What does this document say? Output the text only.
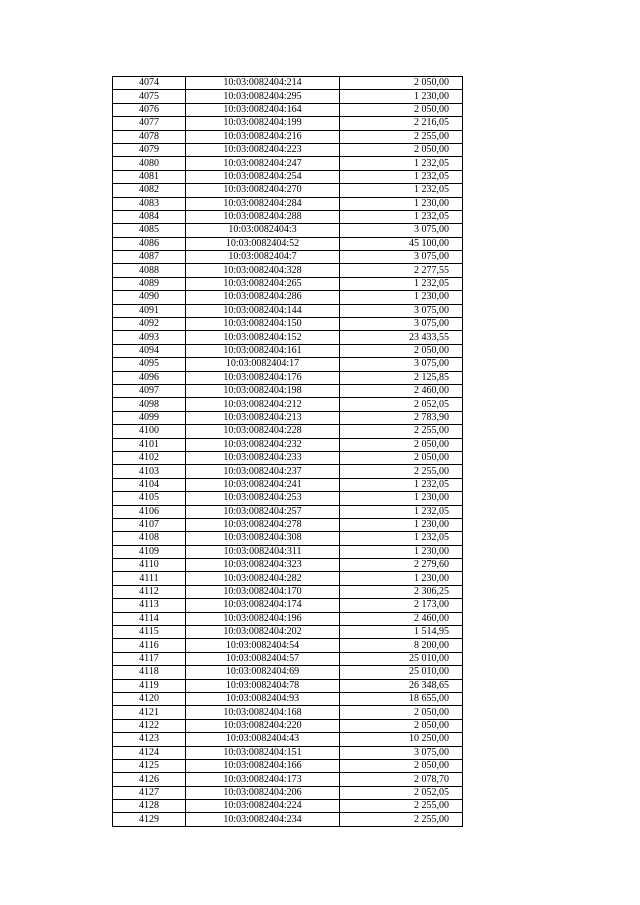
4074	10:03:0082404:214	2 050,00
4075	10:03:0082404:295	1 230,00
4076	10:03:0082404:164	2 050,00
4077	10:03:0082404:199	2 216,05
4078	10:03:0082404:216	2 255,00
4079	10:03:0082404:223	2 050,00
4080	10:03:0082404:247	1 232,05
4081	10:03:0082404:254	1 232,05
4082	10:03:0082404:270	1 232,05
4083	10:03:0082404:284	1 230,00
4084	10:03:0082404:288	1 232,05
4085	10:03:0082404:3	3 075,00
4086	10:03:0082404:52	45 100,00
4087	10:03:0082404:7	3 075,00
4088	10:03:0082404:328	2 277,55
4089	10:03:0082404:265	1 232,05
4090	10:03:0082404:286	1 230,00
4091	10:03:0082404:144	3 075,00
4092	10:03:0082404:150	3 075,00
4093	10:03:0082404:152	23 433,55
4094	10:03:0082404:161	2 050,00
4095	10:03:0082404:17	3 075,00
4096	10:03:0082404:176	2 125,85
4097	10:03:0082404:198	2 460,00
4098	10:03:0082404:212	2 052,05
4099	10:03:0082404:213	2 783,90
4100	10:03:0082404:228	2 255,00
4101	10:03:0082404:232	2 050,00
4102	10:03:0082404:233	2 050,00
4103	10:03:0082404:237	2 255,00
4104	10:03:0082404:241	1 232,05
4105	10:03:0082404:253	1 230,00
4106	10:03:0082404:257	1 232,05
4107	10:03:0082404:278	1 230,00
4108	10:03:0082404:308	1 232,05
4109	10:03:0082404:311	1 230,00
4110	10:03:0082404:323	2 279,60
4111	10:03:0082404:282	1 230,00
4112	10:03:0082404:170	2 306,25
4113	10:03:0082404:174	2 173,00
4114	10:03:0082404:196	2 460,00
4115	10:03:0082404:202	1 514,95
4116	10:03:0082404:54	8 200,00
4117	10:03:0082404:57	25 010,00
4118	10:03:0082404:69	25 010,00
4119	10:03:0082404:78	26 348,65
4120	10:03:0082404:93	18 655,00
4121	10:03:0082404:168	2 050,00
4122	10:03:0082404:220	2 050,00
4123	10:03:0082404:43	10 250,00
4124	10:03:0082404:151	3 075,00
4125	10:03:0082404:166	2 050,00
4126	10:03:0082404:173	2 078,70
4127	10:03:0082404:206	2 052,05
4128	10:03:0082404:224	2 255,00
4129	10:03:0082404:234	2 255,00
